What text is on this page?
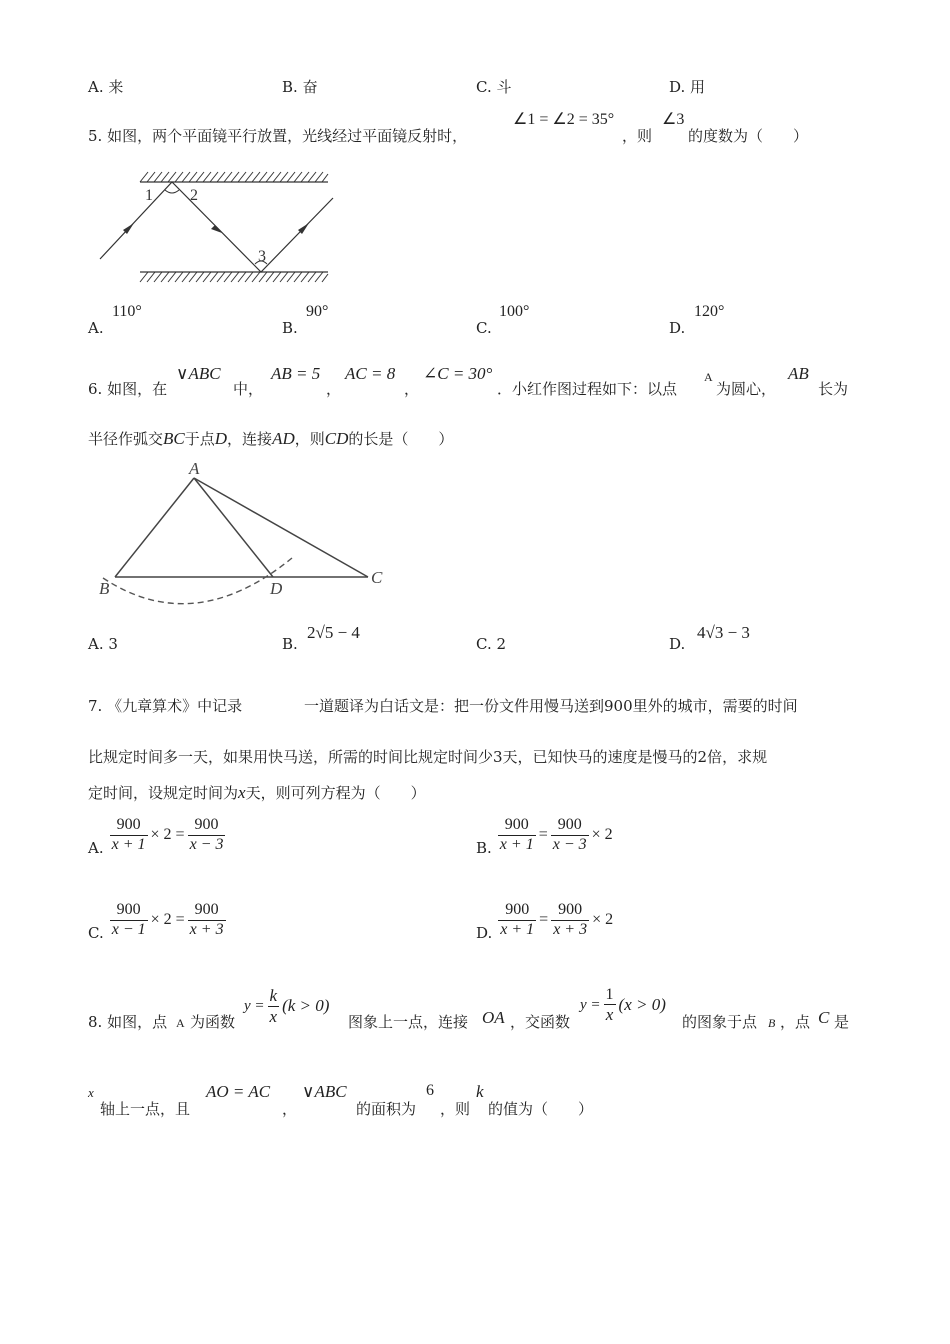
A. 来	B. 奋	C. 斗	D. 用
5. 如图，两个平面镜平行放置，光线经过平面镜反射时，
∠1 = ∠2 = 35°
，则
∠3
的度数为（　　）
1 2
3
A.
110°
B.
90°
C.
100°
D.
120°
6. 如图，在
∨ABC
中，
AB = 5
，
AC = 8
，
∠C = 30°
．小红作图过程如下：以点
A
为圆心，
AB
长为
半径作弧交BC于点D，连接AD，则CD的长是（　　）
A
B	D
C
A. 3	B.
2√5 − 4
C. 2	D.
4√3 − 3
7. 《九章算术》中记录	一道题译为白话文是：把一份文件用慢马送到900里外的城市，需要的时间
比规定时间多一天，如果用快马送，所需的时间比规定时间少3天，已知快马的速度是慢马的2倍，求规
定时间，设规定时间为x天，则可列方程为（　　）
A. $\frac{900}{x + 1} \times 2 = \frac{900}{x - 3}$	B. $\frac{900}{x + 1} = \frac{900}{x - 3} \times 2$
C. $\frac{900}{x - 1} \times 2 = \frac{900}{x + 3}$	D. $\frac{900}{x + 1} = \frac{900}{x + 3} \times 2$
8. 如图，点 A 为函数
$y = \frac{k}{x} (k > 0)$
图象上一点，连接 OA ，交函数
$y = \frac{1}{x} (x > 0)$
的图象于点 B ，点 C 是
x
轴上一点，且
AO = AC
，
∨ABC
的面积为
6
，则
k
的值为（　　）
